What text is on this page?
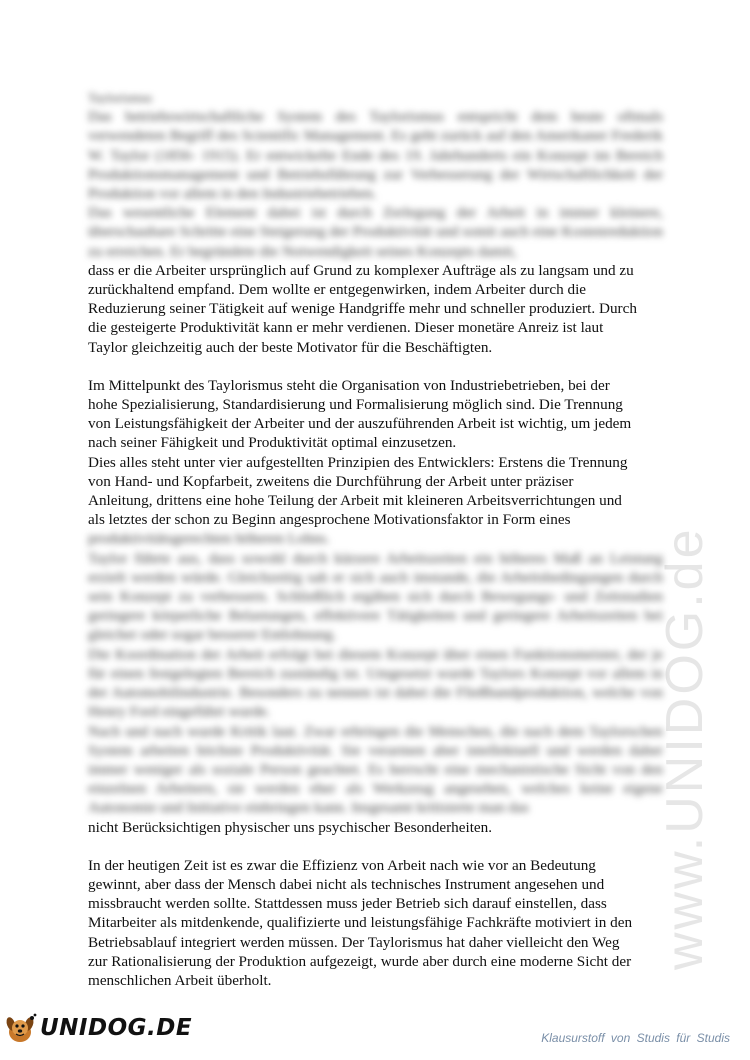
www.UNIDOG.de

Taylorismus

Das betriebswirtschaftliche System des Taylorismus entspricht dem heute oftmals verwendeten Begriff des Scientific Management. Es geht zurück auf den Amerikaner Frederik W. Taylor (1856- 1915). Er entwickelte Ende des 19. Jahrhunderts ein Konzept im Bereich Produktionsmanagement und Betriebsführung zur Verbesserung der Wirtschaftlichkeit der Produktion vor allem in den Industriebetrieben.

Das wesentliche Element dabei ist durch Zerlegung der Arbeit in immer kleinere, überschaubare Schritte eine Steigerung der Produktivität und somit auch eine Kostenreduktion zu erreichen. Er begründete die Notwendigkeit seines Konzepts damit,

dass er die Arbeiter ursprünglich auf Grund zu komplexer Aufträge als zu langsam und zu

zurückhaltend empfand. Dem wollte er entgegenwirken, indem Arbeiter durch die

Reduzierung seiner Tätigkeit auf wenige Handgriffe mehr und schneller produziert. Durch

die gesteigerte Produktivität kann er mehr verdienen. Dieser monetäre Anreiz ist laut

Taylor gleichzeitig auch der beste Motivator für die Beschäftigten.

Im Mittelpunkt des Taylorismus steht die Organisation von Industriebetrieben, bei der

hohe Spezialisierung, Standardisierung und Formalisierung möglich sind. Die Trennung

von Leistungsfähigkeit der Arbeiter und der auszuführenden Arbeit ist wichtig, um jedem

nach seiner Fähigkeit und Produktivität optimal einzusetzen.

Dies alles steht unter vier aufgestellten Prinzipien des Entwicklers: Erstens die Trennung

von Hand- und Kopfarbeit, zweitens die Durchführung der Arbeit unter präziser

Anleitung, drittens eine hohe Teilung der Arbeit mit kleineren Arbeitsverrichtungen und

als letztes der schon zu Beginn angesprochene Motivationsfaktor in Form eines

produktivitätsgerechten höheren Lohns.

Taylor führte aus, dass sowohl durch kürzere Arbeitszeiten ein höheres Maß an Leistung erzielt werden würde. Gleichzeitig sah er sich auch imstande, die Arbeitsbedingungen durch sein Konzept zu verbessern. Schließlich ergäben sich durch Bewegungs- und Zeitstudien geringere körperliche Belastungen, effektivere Tätigkeiten und geringere Arbeitszeiten bei gleicher oder sogar besserer Entlohnung.

Die Koordination der Arbeit erfolgt bei diesem Konzept über einen Funktionsmeister, der je für einen festgelegten Bereich zuständig ist. Umgesetzt wurde Taylors Konzept vor allem in der Automobilindustrie. Besonders zu nennen ist dabei die Fließbandproduktion, welche von Henry Ford eingeführt wurde.

Nach und nach wurde Kritik laut. Zwar erbringen die Menschen, die nach dem Taylorschen System arbeiten höchste Produktivität. Sie verarmen aber intellektuell und werden daher immer weniger als soziale Person geachtet. Es herrscht eine mechanistische Sicht von den einzelnen Arbeitern, sie werden eher als Werkzeug angesehen, welches keine eigene Autonomie und Initiative einbringen kann. Insgesamt kritisierte man das

nicht Berücksichtigen physischer uns psychischer Besonderheiten.

In der heutigen Zeit ist es zwar die Effizienz von Arbeit nach wie vor an Bedeutung

gewinnt, aber dass der Mensch dabei nicht als technisches Instrument angesehen und

missbraucht werden sollte. Stattdessen muss jeder Betrieb sich darauf einstellen, dass

Mitarbeiter als mitdenkende, qualifizierte und leistungsfähige Fachkräfte motiviert in den

Betriebsablauf integriert werden müssen. Der Taylorismus hat daher vielleicht den Weg

zur Rationalisierung der Produktion aufgezeigt, wurde aber durch eine moderne Sicht der

menschlichen Arbeit überholt.

UNIDOG.DE	Klausurstoff von Studis für Studis
